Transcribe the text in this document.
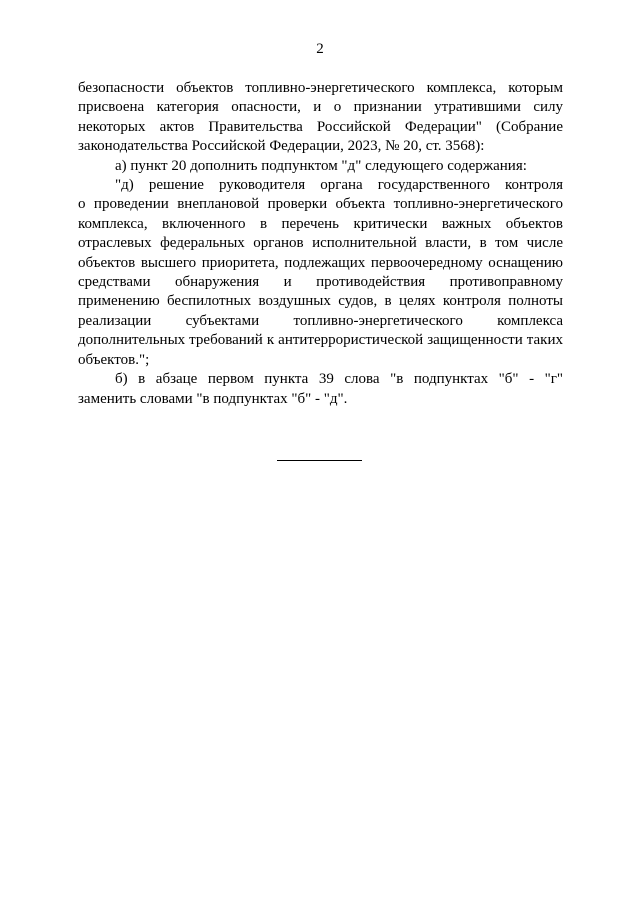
2
безопасности объектов топливно-энергетического комплекса, которым
присвоена категория опасности, и о признании утратившими силу
некоторых актов Правительства Российской Федерации" (Собрание
законодательства Российской Федерации, 2023, № 20, ст. 3568):
а) пункт 20 дополнить подпунктом "д" следующего содержания:
"д) решение руководителя органа государственного контроля
о проведении внеплановой проверки объекта топливно-энергетического
комплекса, включенного в перечень критически важных объектов
отраслевых федеральных органов исполнительной власти, в том числе
объектов высшего приоритета, подлежащих первоочередному оснащению
средствами обнаружения и противодействия противоправному
применению беспилотных воздушных судов, в целях контроля полноты
реализации субъектами топливно-энергетического комплекса
дополнительных требований к антитеррористической защищенности таких
объектов.";
б) в абзаце первом пункта 39 слова "в подпунктах "б" - "г"
заменить словами "в подпунктах "б" - "д".
